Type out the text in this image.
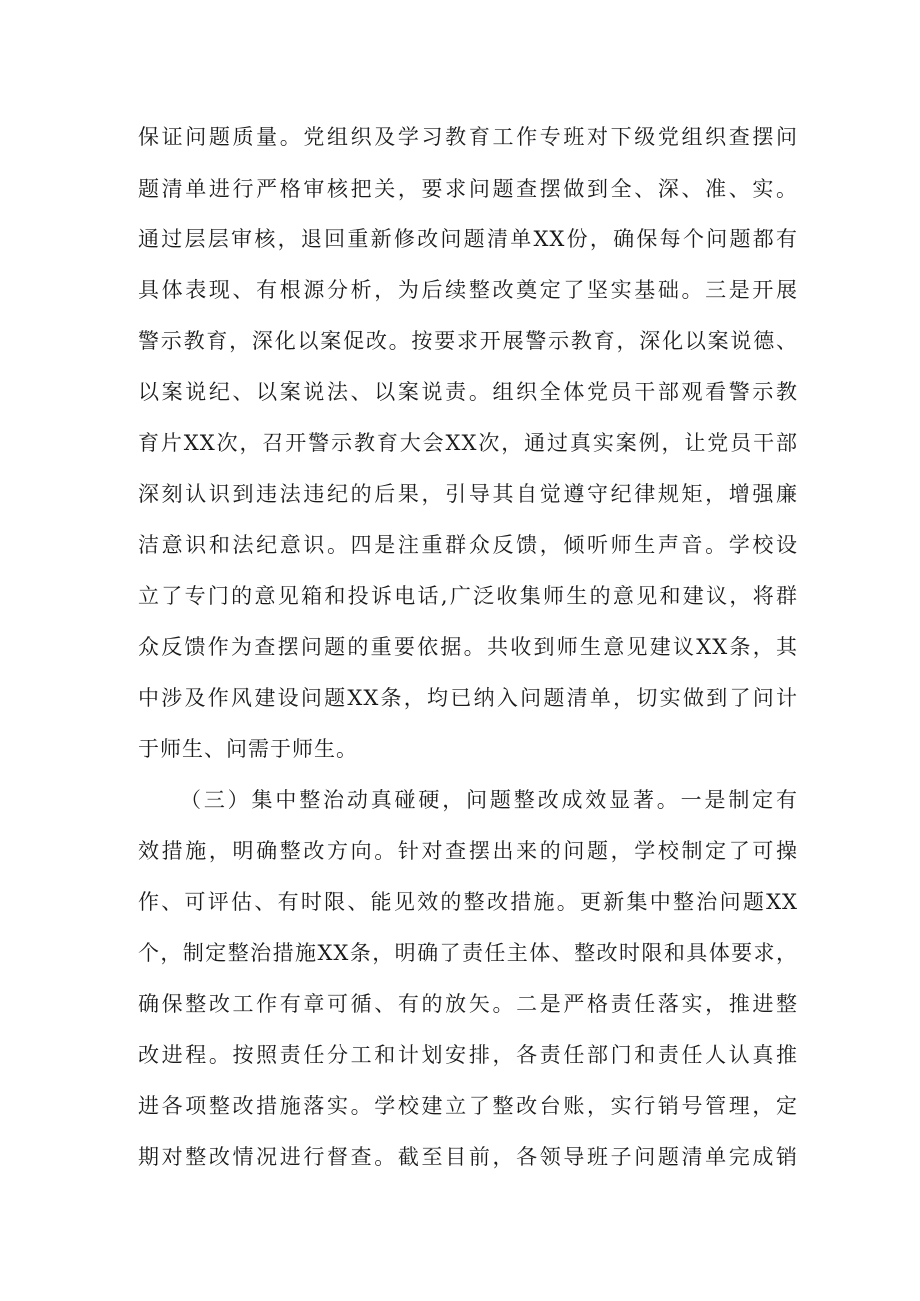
保证问题质量。党组织及学习教育工作专班对下级党组织查摆问
题清单进行严格审核把关，要求问题查摆做到全、深、准、实。
通过层层审核，退回重新修改问题清单XX份，确保每个问题都有
具体表现、有根源分析，为后续整改奠定了坚实基础。三是开展
警示教育，深化以案促改。按要求开展警示教育，深化以案说德、
以案说纪、以案说法、以案说责。组织全体党员干部观看警示教
育片XX次，召开警示教育大会XX次，通过真实案例，让党员干部
深刻认识到违法违纪的后果，引导其自觉遵守纪律规矩，增强廉
洁意识和法纪意识。四是注重群众反馈，倾听师生声音。学校设
立了专门的意见箱和投诉电话,广泛收集师生的意见和建议，将群
众反馈作为查摆问题的重要依据。共收到师生意见建议XX条，其
中涉及作风建设问题XX条，均已纳入问题清单，切实做到了问计
于师生、问需于师生。
（三）集中整治动真碰硬，问题整改成效显著。一是制定有
效措施，明确整改方向。针对查摆出来的问题，学校制定了可操
作、可评估、有时限、能见效的整改措施。更新集中整治问题XX
个，制定整治措施XX条，明确了责任主体、整改时限和具体要求，
确保整改工作有章可循、有的放矢。二是严格责任落实，推进整
改进程。按照责任分工和计划安排，各责任部门和责任人认真推
进各项整改措施落实。学校建立了整改台账，实行销号管理，定
期对整改情况进行督查。截至目前，各领导班子问题清单完成销
